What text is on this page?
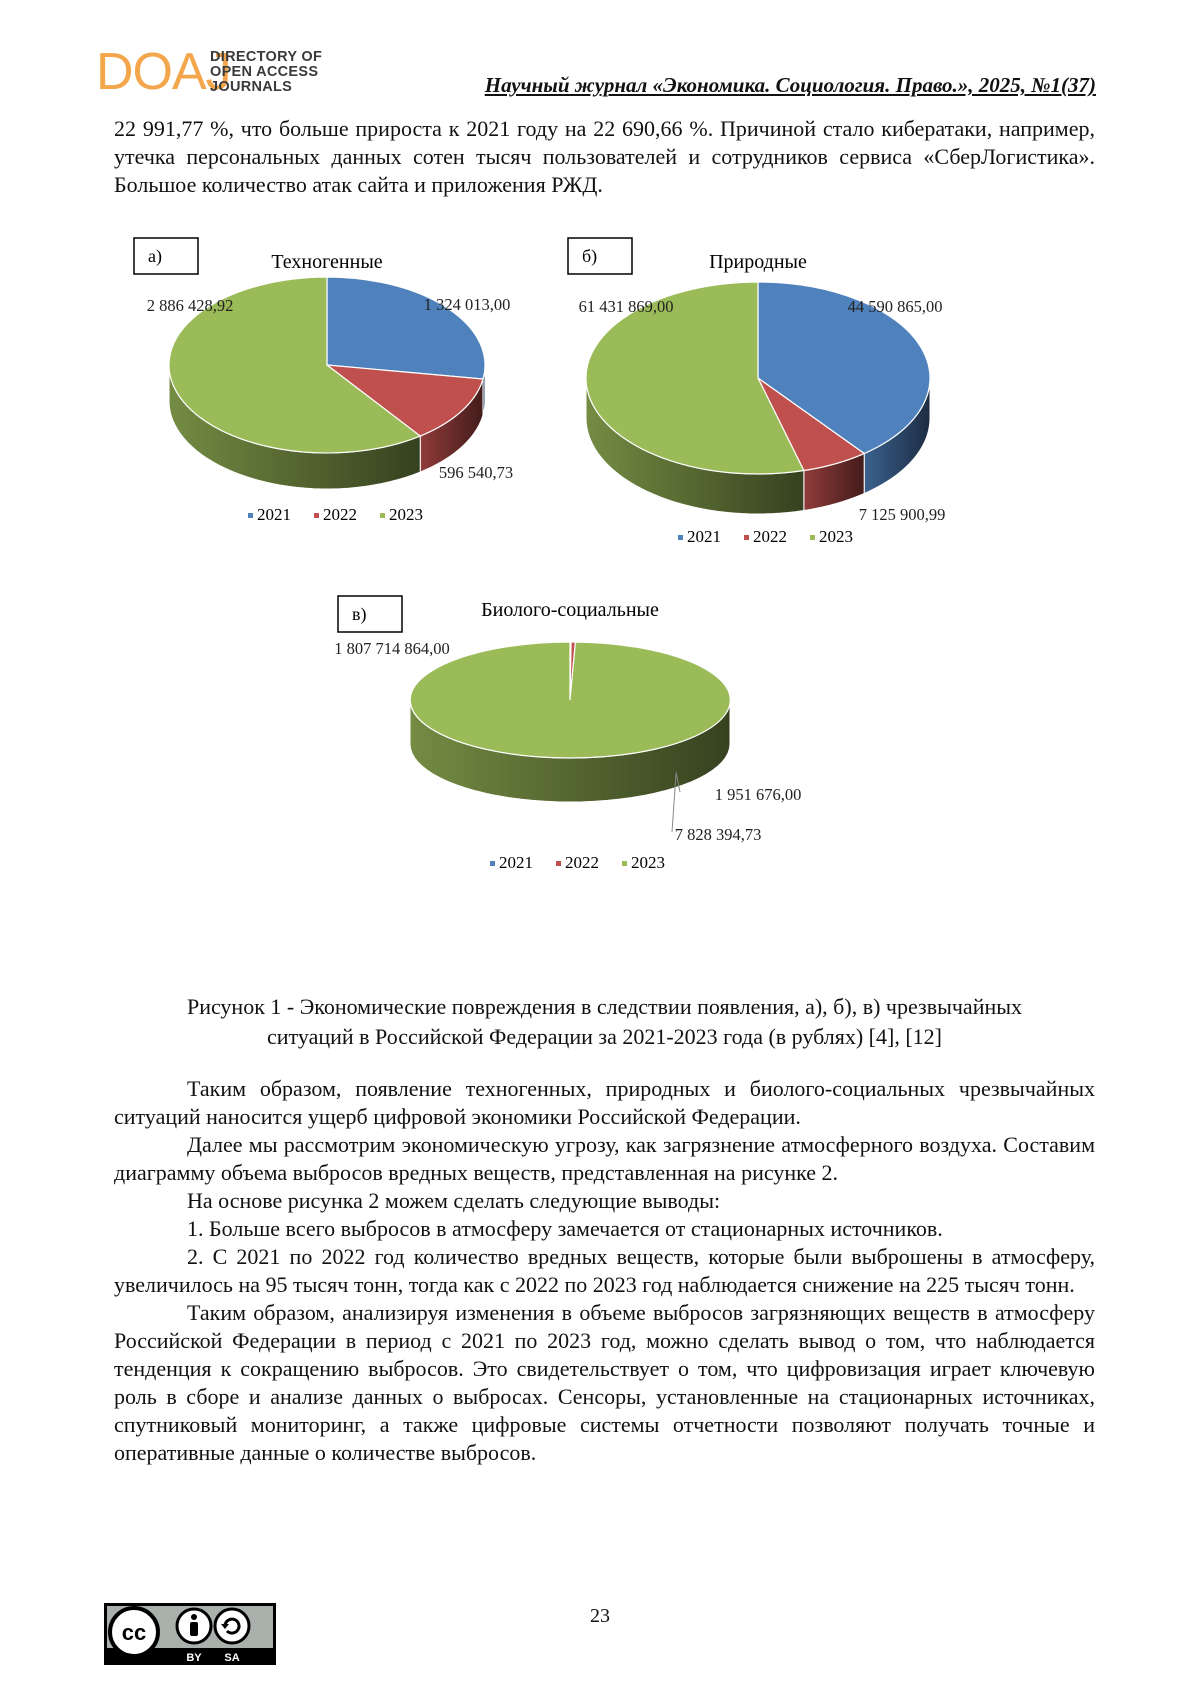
DOAJ
DIRECTORY OF
OPEN ACCESS
JOURNALS	Научный журнал «Экономика. Социология. Право.», 2025, №1(37)
22 991,77 %, что больше прироста к 2021 году на 22 690,66 %. Причиной стало кибератаки, например, утечка персональных данных сотен тысяч пользователей и сотрудников сервиса «СберЛогистика». Большое количество атак сайта и приложения РЖД.
а)	Техногенные
1 324 013,00
596 540,73
2 886 428,92
2021 2022 2023
б)	Природные
44 590 865,00
7 125 900,99
61 431 869,00
2021 2022 2023
в)	Биолого-социальные
1 951 676,00
7 828 394,73
1 807 714 864,00
2021 2022 2023
Рисунок 1 - Экономические повреждения в следствии появления, а), б), в) чрезвычайных
ситуаций в Российской Федерации за 2021-2023 года (в рублях) [4], [12]
Таким образом, появление техногенных, природных и биолого-социальных чрезвычайных ситуаций наносится ущерб цифровой экономики Российской Федерации.
Далее мы рассмотрим экономическую угрозу, как загрязнение атмосферного воздуха. Составим диаграмму объема выбросов вредных веществ, представленная на рисунке 2.
На основе рисунка 2 можем сделать следующие выводы:
1. Больше всего выбросов в атмосферу замечается от стационарных источников.
2. С 2021 по 2022 год количество вредных веществ, которые были выброшены в атмосферу, увеличилось на 95 тысяч тонн, тогда как с 2022 по 2023 год наблюдается снижение на 225 тысяч тонн.
Таким образом, анализируя изменения в объеме выбросов загрязняющих веществ в атмосферу Российской Федерации в период с 2021 по 2023 год, можно сделать вывод о том, что наблюдается тенденция к сокращению выбросов. Это свидетельствует о том, что цифровизация играет ключевую роль в сборе и анализе данных о выбросах. Сенсоры, установленные на стационарных источниках, спутниковый мониторинг, а также цифровые системы отчетности позволяют получать точные и оперативные данные о количестве выбросов.
cc
BY SA
23
